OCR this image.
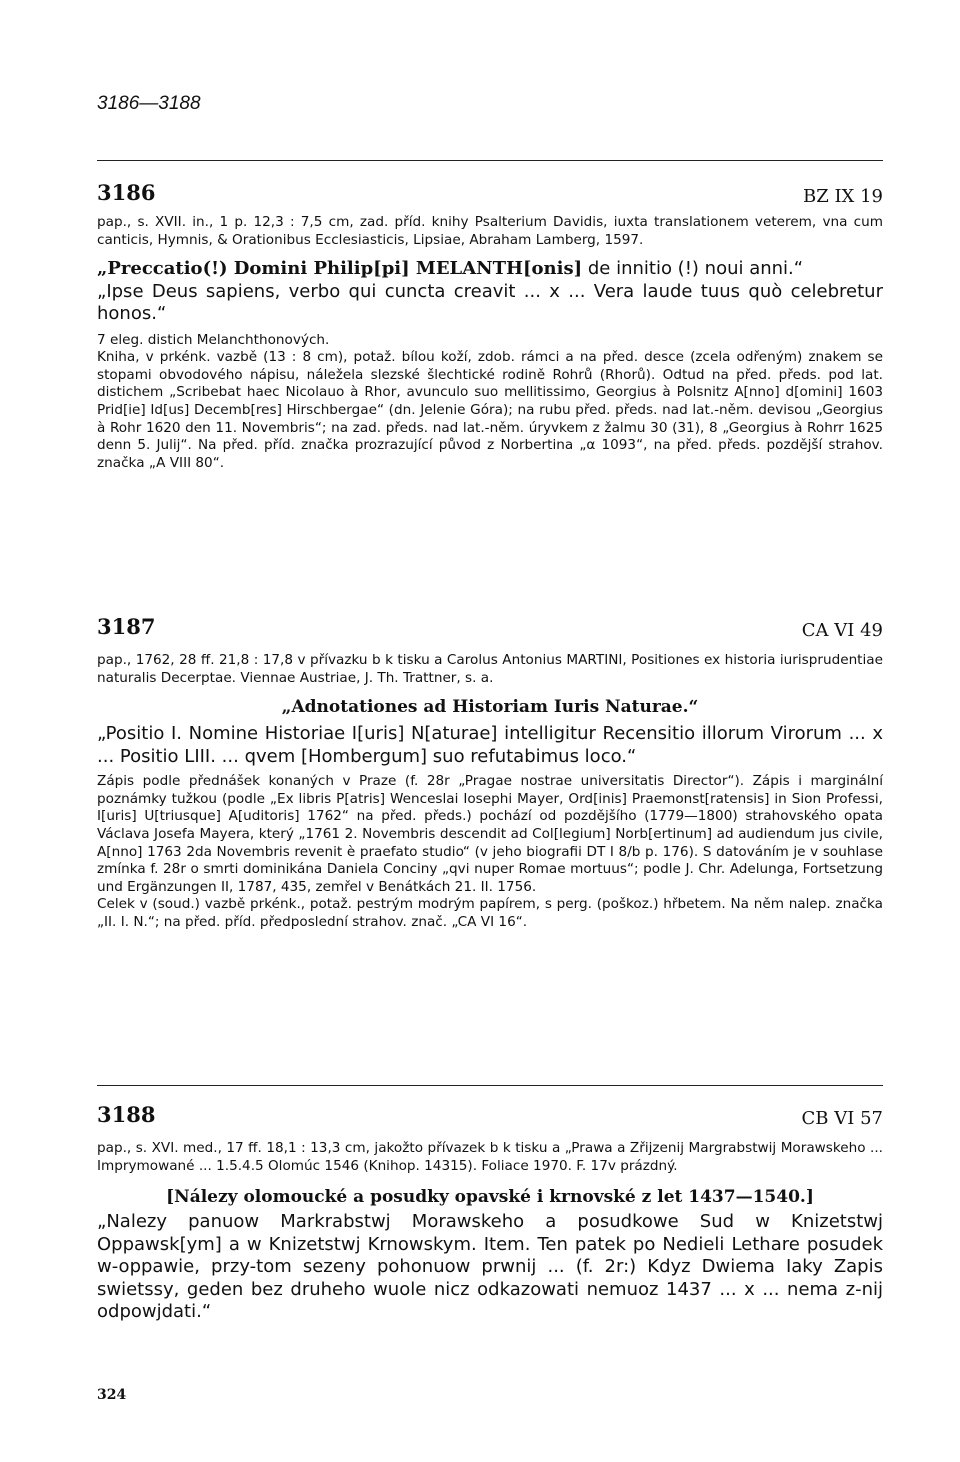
3186—3188
3186	BZ IX 19

pap., s. XVII. in., 1 p. 12,3 : 7,5 cm, zad. příd. knihy Psalterium Davidis, iuxta translationem veterem, vna cum canticis, Hymnis, & Orationibus Ecclesiasticis, Lipsiae, Abraham Lamberg, 1597.

„Preccatio(!) Domini Philip[pi] MELANTH[onis] de innitio (!) noui anni.“

„Ipse Deus sapiens, verbo qui cuncta creavit ... x ... Vera laude tuus quò celebretur honos.“

7 eleg. distich Melanchthonových.

Kniha, v prkénk. vazbě (13 : 8 cm), potaž. bílou koží, zdob. rámci a na před. desce (zcela odřeným) znakem se stopami obvodového nápisu, náležela slezské šlechtické rodině Rohrů (Rhorů). Odtud na před. předs. pod lat. distichem „Scribebat haec Nicolauo à Rhor, avunculo suo mellitissimo, Georgius à Polsnitz A[nno] d[omini] 1603 Prid[ie] Id[us] Decemb[res] Hirschbergae“ (dn. Jelenie Góra); na rubu před. předs. nad lat.-něm. devisou „Georgius à Rohr 1620 den 11. Novembris“; na zad. předs. nad lat.-něm. úryvkem z žalmu 30 (31), 8 „Georgius à Rohrr 1625 denn 5. Julij“. Na před. příd. značka prozrazující původ z Norbertina „α 1093“, na před. předs. pozdější strahov. značka „A VIII 80“.

3187	CA VI 49

pap., 1762, 28 ff. 21,8 : 17,8 v přívazku b k tisku a Carolus Antonius MARTINI, Positiones ex historia iurisprudentiae naturalis Decerptae. Viennae Austriae, J. Th. Trattner, s. a.

„Adnotationes ad Historiam Iuris Naturae.“

„Positio I. Nomine Historiae I[uris] N[aturae] intelligitur Recensitio illorum Virorum ... x ... Positio LIII. ... qvem [Hombergum] suo refutabimus loco.“

Zápis podle přednášek konaných v Praze (f. 28r „Pragae nostrae universitatis Director“). Zápis i marginální poznámky tužkou (podle „Ex libris P[atris] Wenceslai Iosephi Mayer, Ord[inis] Praemonst[ratensis] in Sion Professi, I[uris] U[triusque] A[uditoris] 1762“ na před. předs.) pochází od pozdějšího (1779—1800) strahovského opata Václava Josefa Mayera, který „1761 2. Novembris descendit ad Col[legium] Norb[ertinum] ad audiendum jus civile, A[nno] 1763 2da Novembris revenit è praefato studio“ (v jeho biografii DT I 8/b p. 176). S datováním je v souhlase zmínka f. 28r o smrti dominikána Daniela Conciny „qvi nuper Romae mortuus“; podle J. Chr. Adelunga, Fortsetzung und Ergänzungen II, 1787, 435, zemřel v Benátkách 21. II. 1756.

Celek v (soud.) vazbě prkénk., potaž. pestrým modrým papírem, s perg. (poškoz.) hřbetem. Na něm nalep. značka „II. I. N.“; na před. příd. předposlední strahov. znač. „CA VI 16“.

3188	CB VI 57

pap., s. XVI. med., 17 ff. 18,1 : 13,3 cm, jakožto přívazek b k tisku a „Prawa a Zřijzenij Margrabstwij Morawskeho ... Imprymowané ... 1.5.4.5 Olomúc 1546 (Knihop. 14315). Foliace 1970. F. 17v prázdný.

[Nálezy olomoucké a posudky opavské i krnovské z let 1437—1540.]

„Nalezy panuow Markrabstwj Morawskeho a posudkowe Sud w Knizetstwj Oppawsk[ym] a w Knizetstwj Krnowskym. Item. Ten patek po Nedieli Lethare posudek w-oppawie, przy-tom sezeny pohonuow prwnij ... (f. 2r:) Kdyz Dwiema Iaky Zapis swietssy, geden bez druheho wuole nicz odkazowati nemuoz 1437 ... x ... nema z-nij odpowjdati.“

324
